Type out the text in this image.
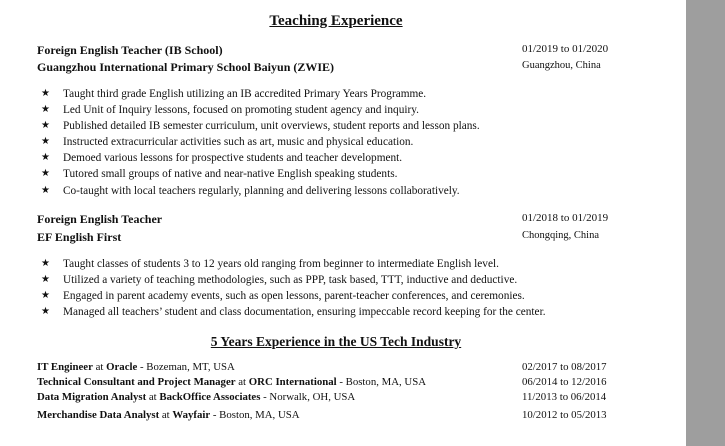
Teaching Experience
Foreign English Teacher (IB School)	01/2019 to 01/2020
Guangzhou International Primary School Baiyun (ZWIE)	Guangzhou, China
★ Taught third grade English utilizing an IB accredited Primary Years Programme.
★ Led Unit of Inquiry lessons, focused on promoting student agency and inquiry.
★ Published detailed IB semester curriculum, unit overviews, student reports and lesson plans.
★ Instructed extracurricular activities such as art, music and physical education.
★ Demoed various lessons for prospective students and teacher development.
★ Tutored small groups of native and near-native English speaking students.
★ Co-taught with local teachers regularly, planning and delivering lessons collaboratively.
Foreign English Teacher	01/2018 to 01/2019
EF English First	Chongqing, China
★ Taught classes of students 3 to 12 years old ranging from beginner to intermediate English level.
★ Utilized a variety of teaching methodologies, such as PPP, task based, TTT, inductive and deductive.
★ Engaged in parent academy events, such as open lessons, parent-teacher conferences, and ceremonies.
★ Managed all teachers’ student and class documentation, ensuring impeccable record keeping for the center.
5 Years Experience in the US Tech Industry
IT Engineer at Oracle - Bozeman, MT, USA	02/2017 to 08/2017
Technical Consultant and Project Manager at ORC International - Boston, MA, USA	06/2014 to 12/2016
Data Migration Analyst at BackOffice Associates - Norwalk, OH, USA	11/2013 to 06/2014
Merchandise Data Analyst at Wayfair - Boston, MA, USA	10/2012 to 05/2013
